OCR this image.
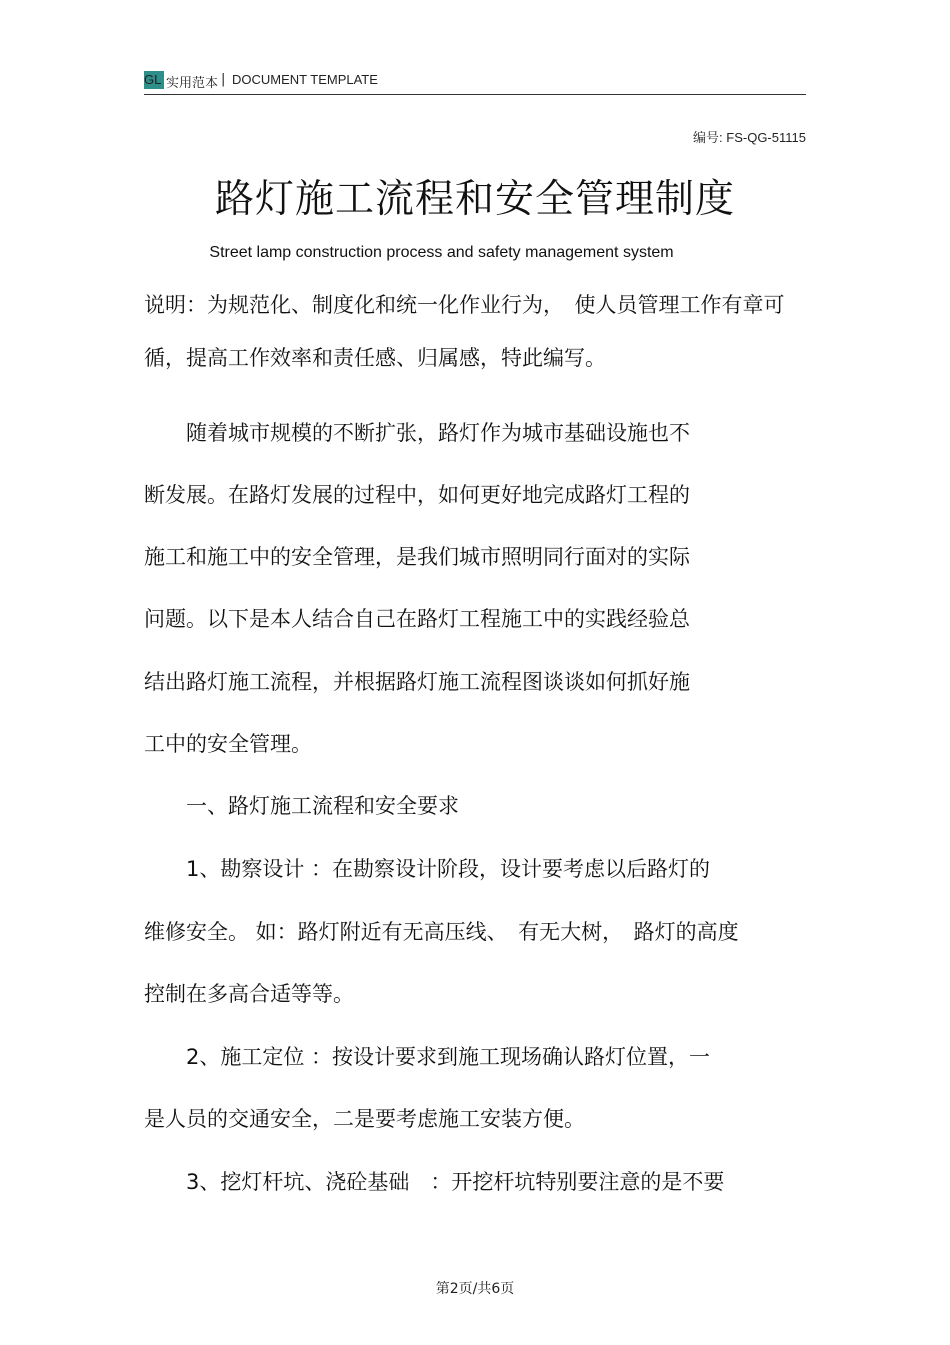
GL 实用范本 | DOCUMENT TEMPLATE
编号: FS-QG-51115
路灯施工流程和安全管理制度
Street lamp construction process and safety management system
说明：为规范化、制度化和统一化作业行为，　使人员管理工作有章可
循，提高工作效率和责任感、归属感，特此编写。
　　随着城市规模的不断扩张，路灯作为城市基础设施也不
断发展。在路灯发展的过程中，如何更好地完成路灯工程的
施工和施工中的安全管理，是我们城市照明同行面对的实际
问题。以下是本人结合自己在路灯工程施工中的实践经验总
结出路灯施工流程，并根据路灯施工流程图谈谈如何抓好施
工中的安全管理。
　　一、路灯施工流程和安全要求
　　1、勘察设计 ：在勘察设计阶段，设计要考虑以后路灯的
维修安全。 如：路灯附近有无高压线、　有无大树，　路灯的高度
控制在多高合适等等。
　　2、施工定位 ：按设计要求到施工现场确认路灯位置，一
是人员的交通安全，二是要考虑施工安装方便。
　　3、挖灯杆坑、浇砼基础　：开挖杆坑特别要注意的是不要
第2页/共6页
